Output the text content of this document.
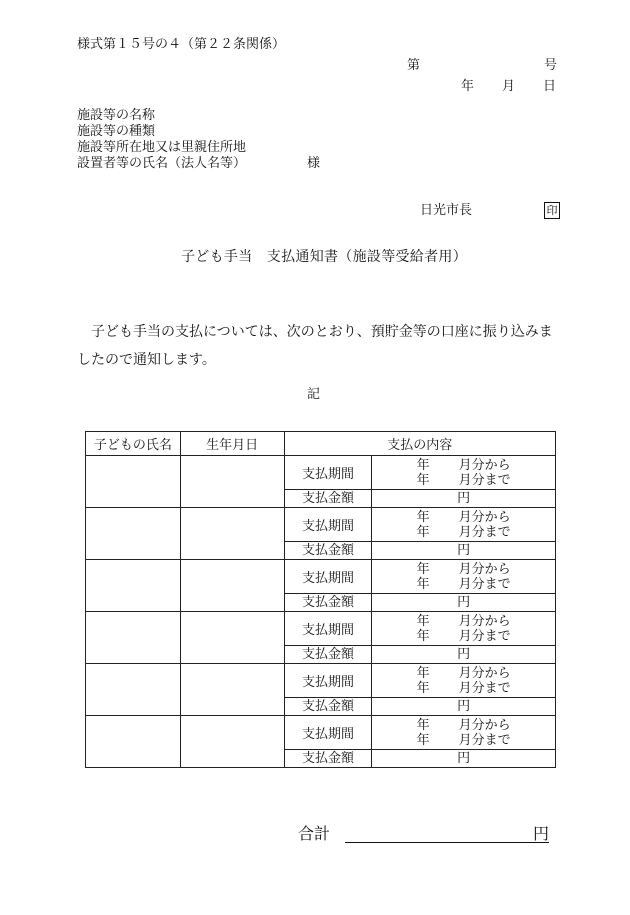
様式第１５号の４（第２２条関係）
第	号
年 月 日
施設等の名称
施設等の種類
施設等所在地又は里親住所地
設置者等の氏名（法人名等）	様
日光市長	印
子ども手当　支払通知書（施設等受給者用）
子ども手当の支払については、次のとおり、預貯金等の口座に振り込みましたので通知します。
記
子どもの氏名	生年月日	支払の内容	
		支払期間	年 月分から
年 月分まで

		支払金額	円
		支払期間	年 月分から
年 月分まで

		支払金額	円
		支払期間	年 月分から
年 月分まで

		支払金額	円
		支払期間	年 月分から
年 月分まで

		支払金額	円
		支払期間	年 月分から
年 月分まで

		支払金額	円
		支払期間	年 月分から
年 月分まで

		支払金額	円
合計	円
